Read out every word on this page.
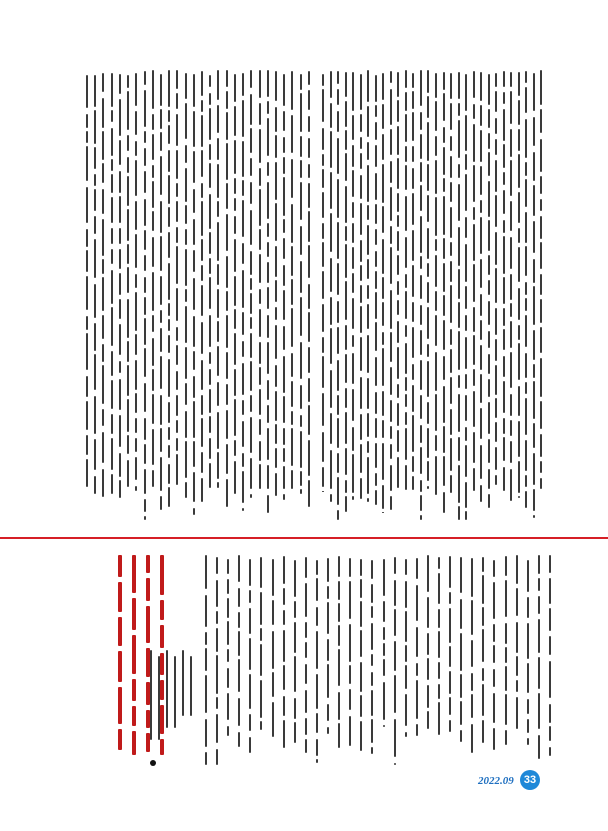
2022.09 33
